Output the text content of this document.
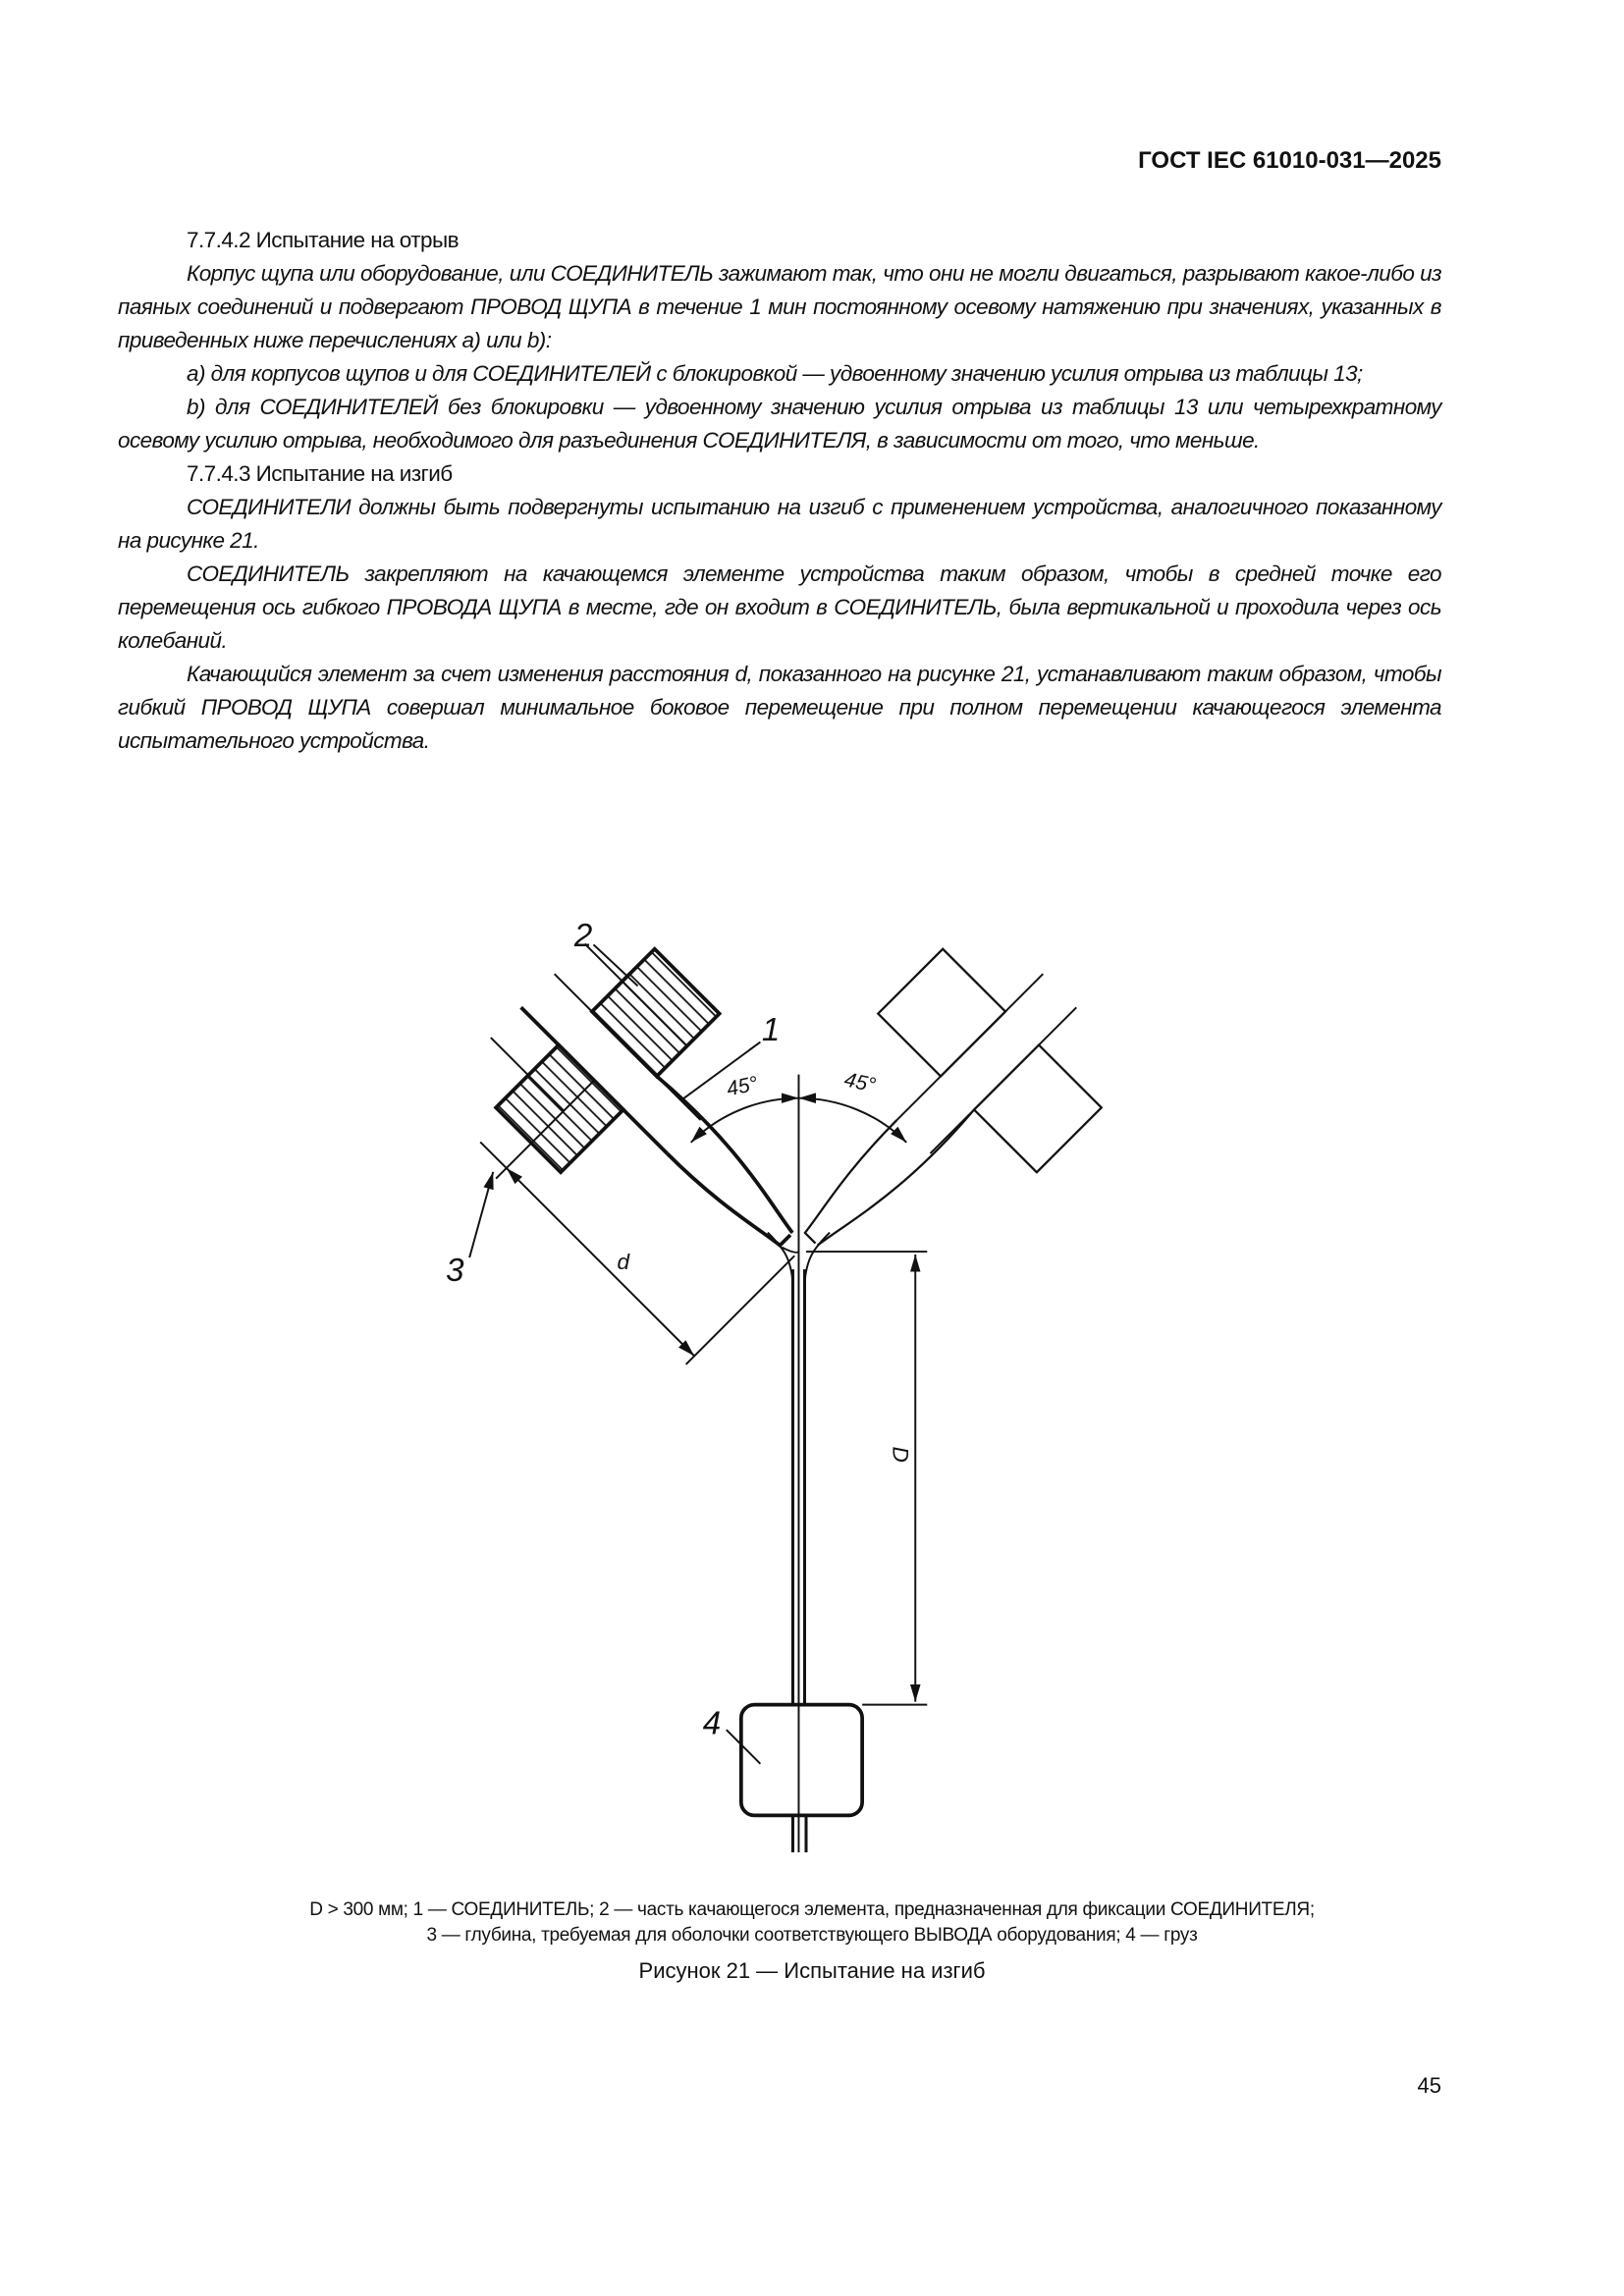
ГОСТ IEC 61010-031—2025

7.7.4.2 Испытание на отрыв

Корпус щупа или оборудование, или СОЕДИНИТЕЛЬ зажимают так, что они не могли двигаться, разрывают какое-либо из паяных соединений и подвергают ПРОВОД ЩУПА в течение 1 мин постоянному осевому натяжению при значениях, указанных в приведенных ниже перечислениях а) или b):

a) для корпусов щупов и для СОЕДИНИТЕЛЕЙ с блокировкой — удвоенному значению усилия отрыва из таблицы 13;

b) для СОЕДИНИТЕЛЕЙ без блокировки — удвоенному значению усилия отрыва из таблицы 13 или четырехкратному осевому усилию отрыва, необходимого для разъединения СОЕДИНИТЕЛЯ, в зависимости от того, что меньше.

7.7.4.3 Испытание на изгиб

СОЕДИНИТЕЛИ должны быть подвергнуты испытанию на изгиб с применением устройства, аналогичного показанному на рисунке 21.

СОЕДИНИТЕЛЬ закрепляют на качающемся элементе устройства таким образом, чтобы в средней точке его перемещения ось гибкого ПРОВОДА ЩУПА в месте, где он входит в СОЕДИНИТЕЛЬ, была вертикальной и проходила через ось колебаний.

Качающийся элемент за счет изменения расстояния d, показанного на рисунке 21, устанавливают таким образом, чтобы гибкий ПРОВОД ЩУПА совершал минимальное боковое перемещение при полном перемещении качающегося элемента испытательного устройства.

2
1
3
4
45°	45°
d
D
D > 300 мм; 1 — СОЕДИНИТЕЛЬ; 2 — часть качающегося элемента, предназначенная для фиксации СОЕДИНИТЕЛЯ;
3 — глубина, требуемая для оболочки соответствующего ВЫВОДА оборудования; 4 — груз
Рисунок 21 — Испытание на изгиб
45
